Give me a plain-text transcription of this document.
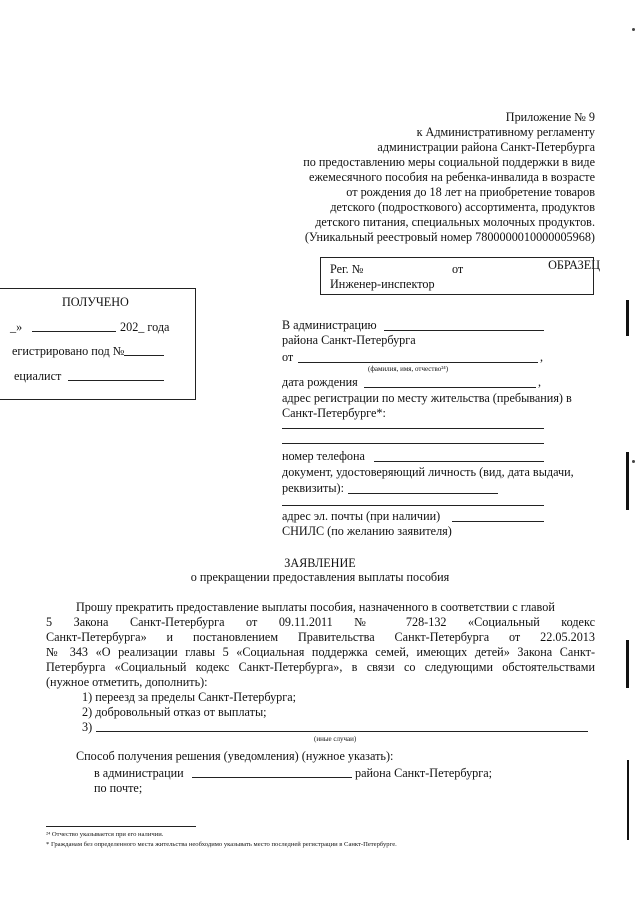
Приложение № 9
к Административному регламенту
администрации района Санкт-Петербурга
по предоставлению меры социальной поддержки в виде
ежемесячного пособия на ребенка-инвалида в возрасте
от рождения до 18 лет на приобретение товаров
детского (подросткового) ассортимента, продуктов
детского питания, специальных молочных продуктов.
(Уникальный реестровый номер 7800000010000005968)
ОБРАЗЕЦ
Рег. №	от
Инженер-инспектор
ПОЛУЧЕНО
_»	202_ года
егистрировано под №
ециалист
В администрацию
района Санкт-Петербурга
от	,
(фамилия, имя, отчество²⁴)
дата рождения	,
адрес регистрации по месту жительства (пребывания) в
Санкт-Петербурге*:
номер телефона
документ, удостоверяющий личность (вид, дата выдачи,
реквизиты):
адрес эл. почты (при наличии)
СНИЛС (по желанию заявителя)
ЗАЯВЛЕНИЕ
о прекращении предоставления выплаты пособия
Прошу прекратить предоставление выплаты пособия, назначенного в соответствии с главой
5 Закона Санкт-Петербурга от 09.11.2011 № 728-132 «Социальный кодекс
Санкт-Петербурга» и постановлением Правительства Санкт-Петербурга от 22.05.2013
№ 343 «О реализации главы 5 «Социальная поддержка семей, имеющих детей» Закона Санкт-
Петербурга «Социальный кодекс Санкт-Петербурга», в связи со следующими обстоятельствами
(нужное отметить, дополнить):
1) переезд за пределы Санкт-Петербурга;
2) добровольный отказ от выплаты;
3)
(иные случаи)
Способ получения решения (уведомления) (нужное указать):
в администрации	района Санкт-Петербурга;
по почте;
²⁴ Отчество указывается при его наличии.
* Гражданам без определенного места жительства необходимо указывать место последней регистрации в Санкт-Петербурге.
